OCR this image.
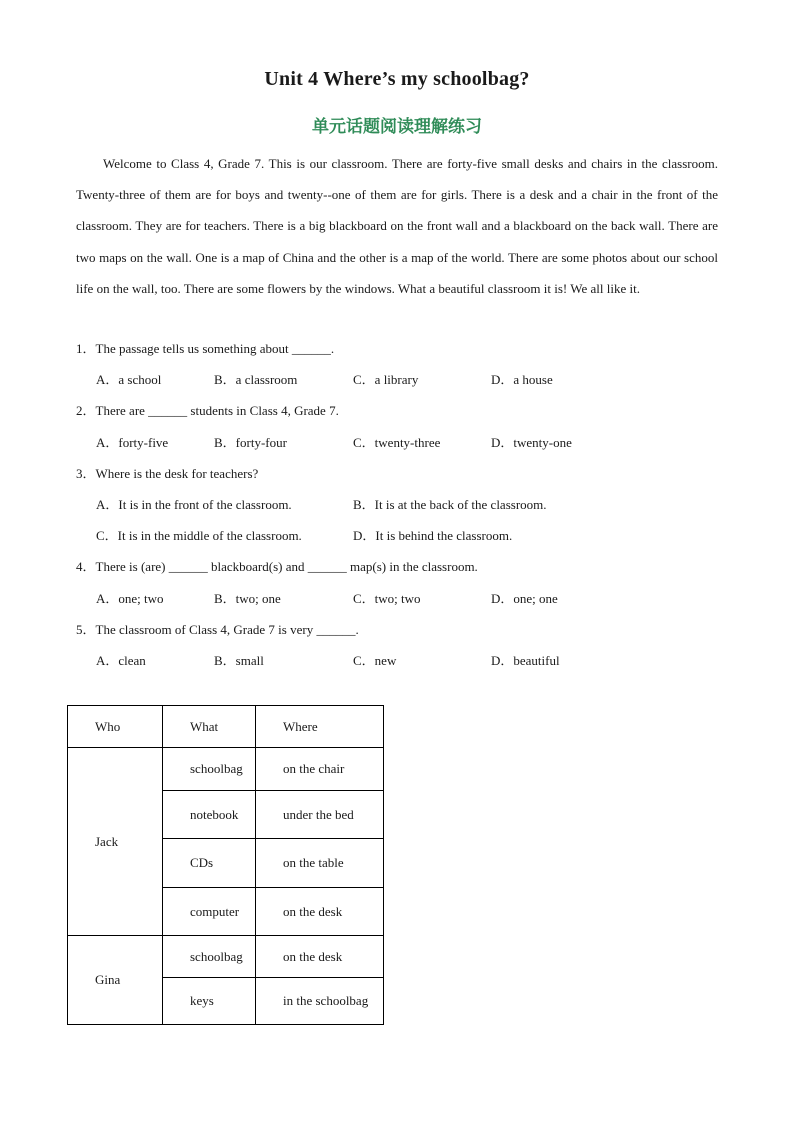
Unit 4 Where’s my schoolbag?
单元话题阅读理解练习

Welcome to Class 4, Grade 7. This is our classroom. There are forty-five small desks and chairs in the classroom. Twenty-three of them are for boys and twenty--one of them are for girls. There is a desk and a chair in the front of the classroom. They are for teachers. There is a big blackboard on the front wall and a blackboard on the back wall. There are two maps on the wall. One is a map of China and the other is a map of the world. There are some photos about our school life on the wall, too. There are some flowers by the windows. What a beautiful classroom it is! We all like it.

1．The passage tells us something about ______.
A．a school	B．a classroom	C．a library	D．a house
2．There are ______ students in Class 4, Grade 7.
A．forty-five	B．forty-four	C．twenty-three	D．twenty-one
3．Where is the desk for teachers?
A．It is in the front of the classroom.	B．It is at the back of the classroom.
C．It is in the middle of the classroom.	D．It is behind the classroom.
4．There is (are) ______ blackboard(s) and ______ map(s) in the classroom.
A．one; two	B．two; one	C．two; two	D．one; one
5．The classroom of Class 4, Grade 7 is very ______.
A．clean	B．small	C．new	D．beautiful
Who	What	Where
Jack	schoolbag	on the chair
	notebook	under the bed
	CDs	on the table
	computer	on the desk
Gina	schoolbag	on the desk
	keys	in the schoolbag
